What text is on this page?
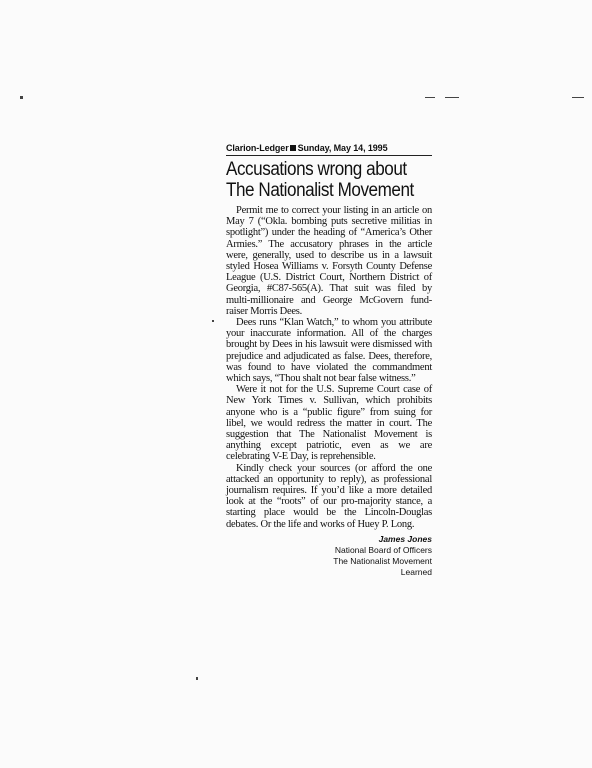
Clarion-Ledger Sunday, May 14, 1995
Accusations wrong about
The Nationalist Movement

Permit me to correct your listing in an article on May 7 (“Okla. bombing puts secretive militias in spotlight”) under the heading of “America’s Other Armies.” The accusatory phrases in the article were, generally, used to describe us in a lawsuit styled Hosea Williams v. Forsyth County Defense League (U.S. District Court, Northern District of Georgia, #C87-565(A). That suit was filed by multi-millionaire and George McGovern fund-raiser Morris Dees.

Dees runs “Klan Watch,” to whom you attribute your inaccurate information. All of the charges brought by Dees in his lawsuit were dismissed with prejudice and adjudicated as false. Dees, therefore, was found to have violated the commandment which says, “Thou shalt not bear false witness.”

Were it not for the U.S. Supreme Court case of New York Times v. Sullivan, which prohibits anyone who is a “public figure” from suing for libel, we would redress the matter in court. The suggestion that The Nationalist Movement is anything except patriotic, even as we are celebrating V-E Day, is reprehensible.

Kindly check your sources (or afford the one attacked an opportunity to reply), as professional journalism requires. If you’d like a more detailed look at the “roots” of our pro-majority stance, a starting place would be the Lincoln-Douglas debates. Or the life and works of Huey P. Long.

James Jones
National Board of Officers
The Nationalist Movement
Learned
